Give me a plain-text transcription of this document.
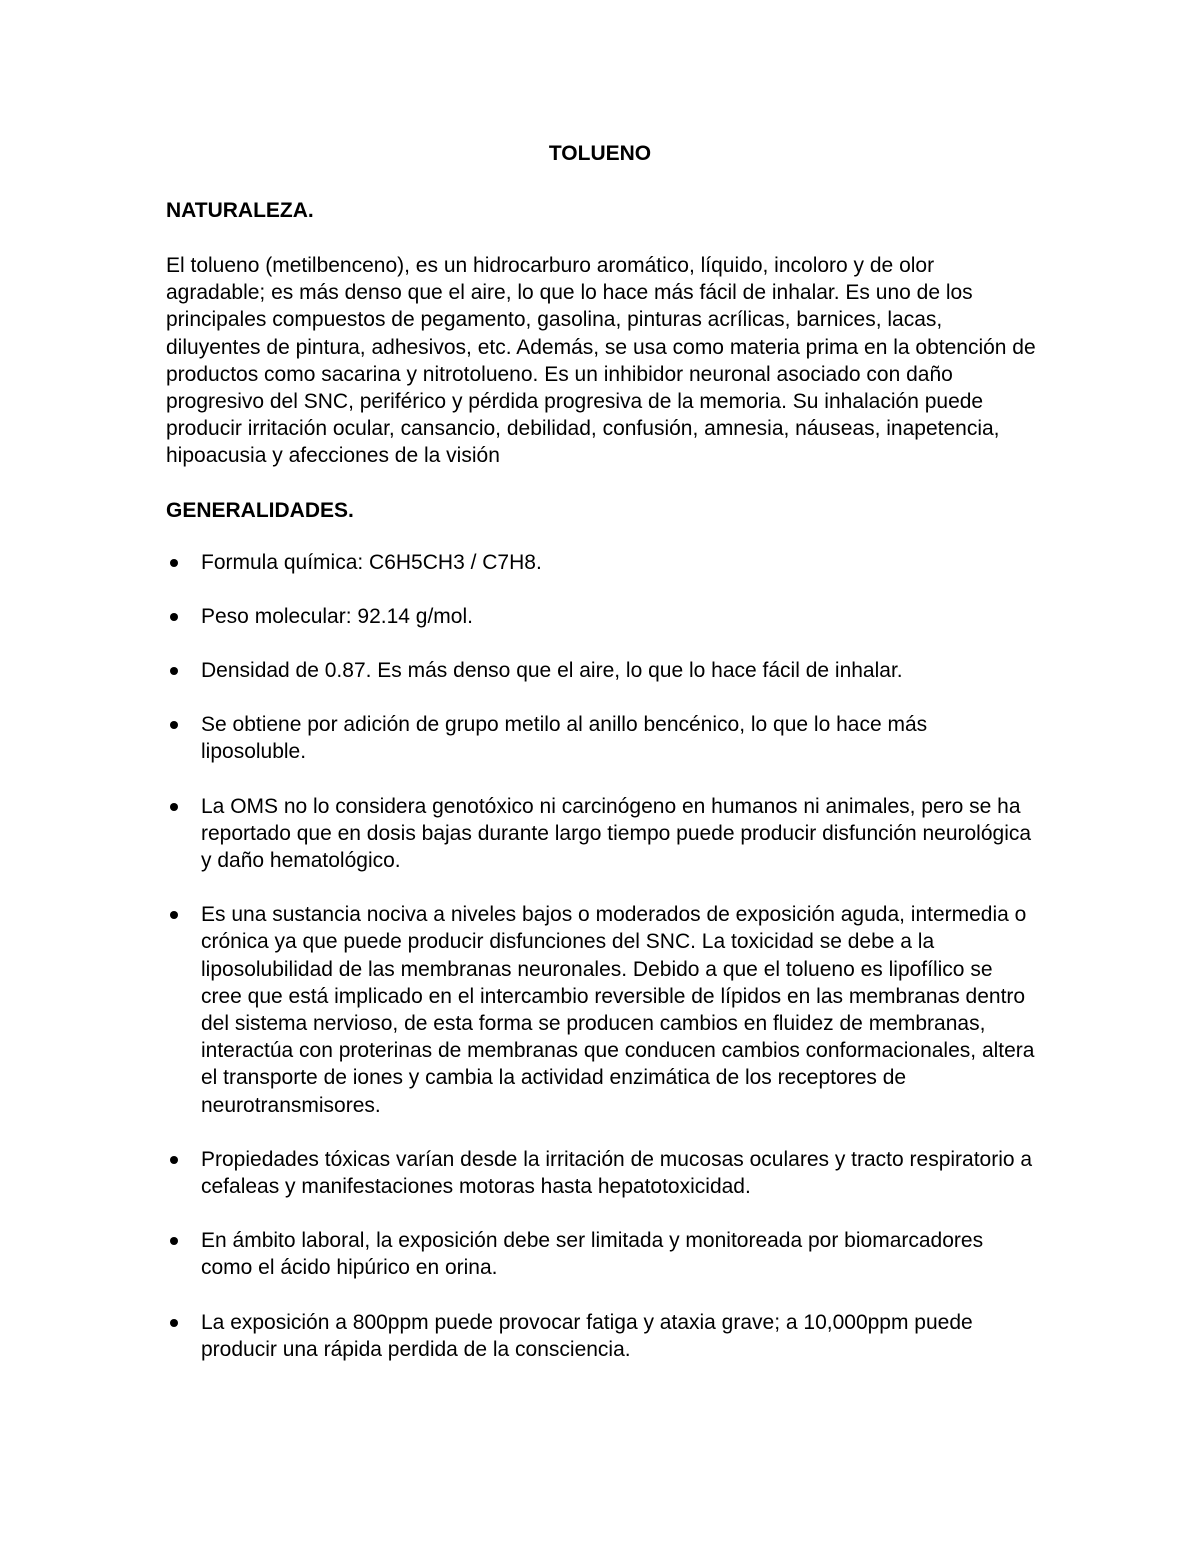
TOLUENO
NATURALEZA.

El tolueno (metilbenceno), es un hidrocarburo aromático, líquido, incoloro y de olor agradable; es más denso que el aire, lo que lo hace más fácil de inhalar. Es uno de los principales compuestos de pegamento, gasolina, pinturas acrílicas, barnices, lacas, diluyentes de pintura, adhesivos, etc. Además, se usa como materia prima en la obtención de productos como sacarina y nitrotolueno. Es un inhibidor neuronal asociado con daño progresivo del SNC, periférico y pérdida progresiva de la memoria. Su inhalación puede producir irritación ocular, cansancio, debilidad, confusión, amnesia, náuseas, inapetencia, hipoacusia y afecciones de la visión

GENERALIDADES.
Formula química: C6H5CH3 / C7H8.
Peso molecular: 92.14 g/mol.
Densidad de 0.87. Es más denso que el aire, lo que lo hace fácil de inhalar.
Se obtiene por adición de grupo metilo al anillo bencénico, lo que lo hace más liposoluble.
La OMS no lo considera genotóxico ni carcinógeno en humanos ni animales, pero se ha reportado que en dosis bajas durante largo tiempo puede producir disfunción neurológica y daño hematológico.
Es una sustancia nociva a niveles bajos o moderados de exposición aguda, intermedia o crónica ya que puede producir disfunciones del SNC. La toxicidad se debe a la liposolubilidad de las membranas neuronales. Debido a que el tolueno es lipofílico se cree que está implicado en el intercambio reversible de lípidos en las membranas dentro del sistema nervioso, de esta forma se producen cambios en fluidez de membranas, interactúa con proterinas de membranas que conducen cambios conformacionales, altera el transporte de iones y cambia la actividad enzimática de los receptores de neurotransmisores.
Propiedades tóxicas varían desde la irritación de mucosas oculares y tracto respiratorio a cefaleas y manifestaciones motoras hasta hepatotoxicidad.
En ámbito laboral, la exposición debe ser limitada y monitoreada por biomarcadores como el ácido hipúrico en orina.
La exposición a 800ppm puede provocar fatiga y ataxia grave; a 10,000ppm puede producir una rápida perdida de la consciencia.
